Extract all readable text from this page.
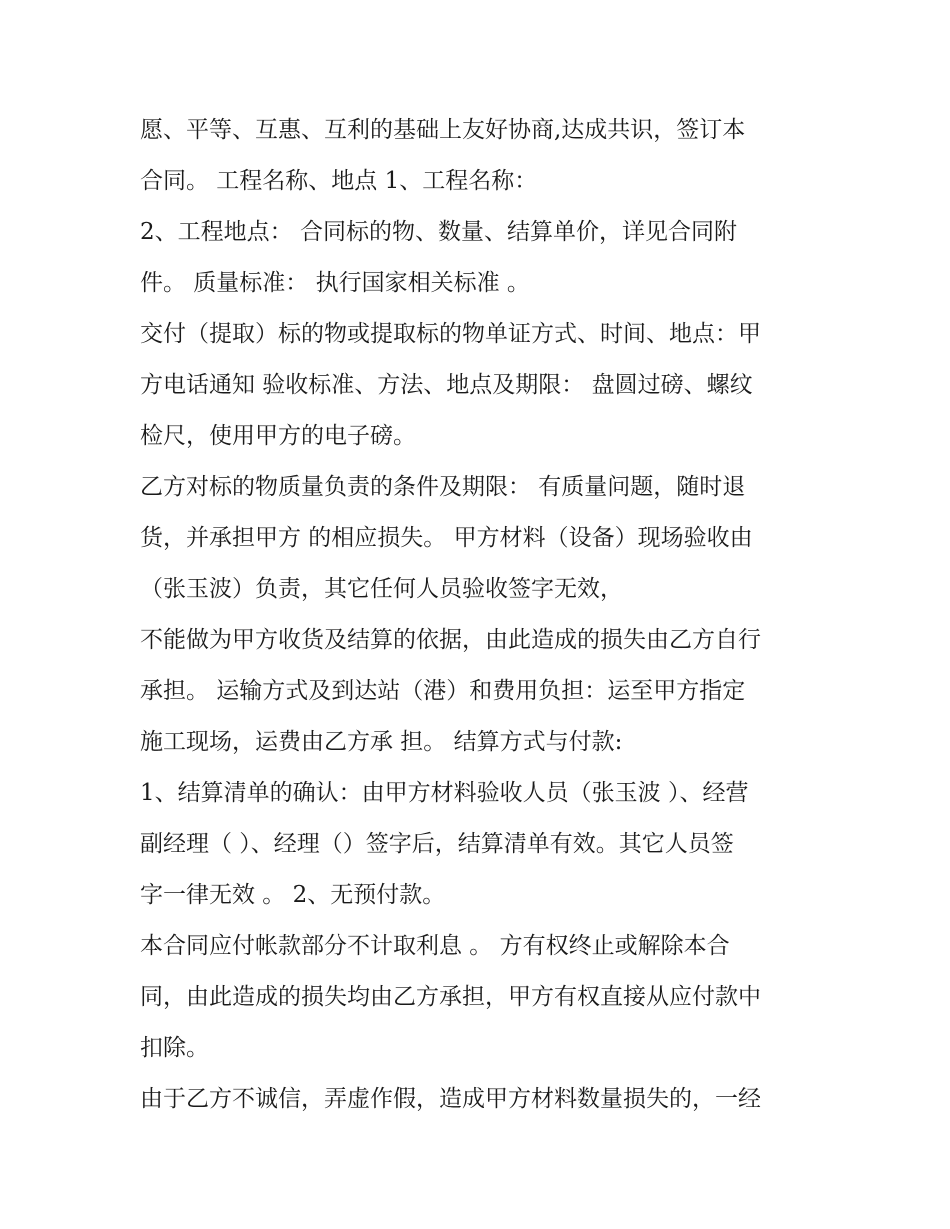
愿、平等、互惠、互利的基础上友好协商,达成共识，签订本
合同。 工程名称、地点 1、工程名称：
2、工程地点： 合同标的物、数量、结算单价，详见合同附
件。 质量标准： 执行国家相关标准 。
交付（提取）标的物或提取标的物单证方式、时间、地点：甲
方电话通知 验收标准、方法、地点及期限： 盘圆过磅、螺纹
检尺，使用甲方的电子磅。
乙方对标的物质量负责的条件及期限： 有质量问题，随时退
货，并承担甲方 的相应损失。 甲方材料（设备）现场验收由
（张玉波）负责，其它任何人员验收签字无效，
不能做为甲方收货及结算的依据，由此造成的损失由乙方自行
承担。 运输方式及到达站（港）和费用负担：运至甲方指定
施工现场，运费由乙方承 担。 结算方式与付款:
1、结算清单的确认：由甲方材料验收人员（张玉波 ）、经营
副经理（ ）、经理（）签字后，结算清单有效。其它人员签
字一律无效 。 2、无预付款。
本合同应付帐款部分不计取利息 。 方有权终止或解除本合
同，由此造成的损失均由乙方承担，甲方有权直接从应付款中
扣除。
由于乙方不诚信，弄虚作假，造成甲方材料数量损失的，一经
